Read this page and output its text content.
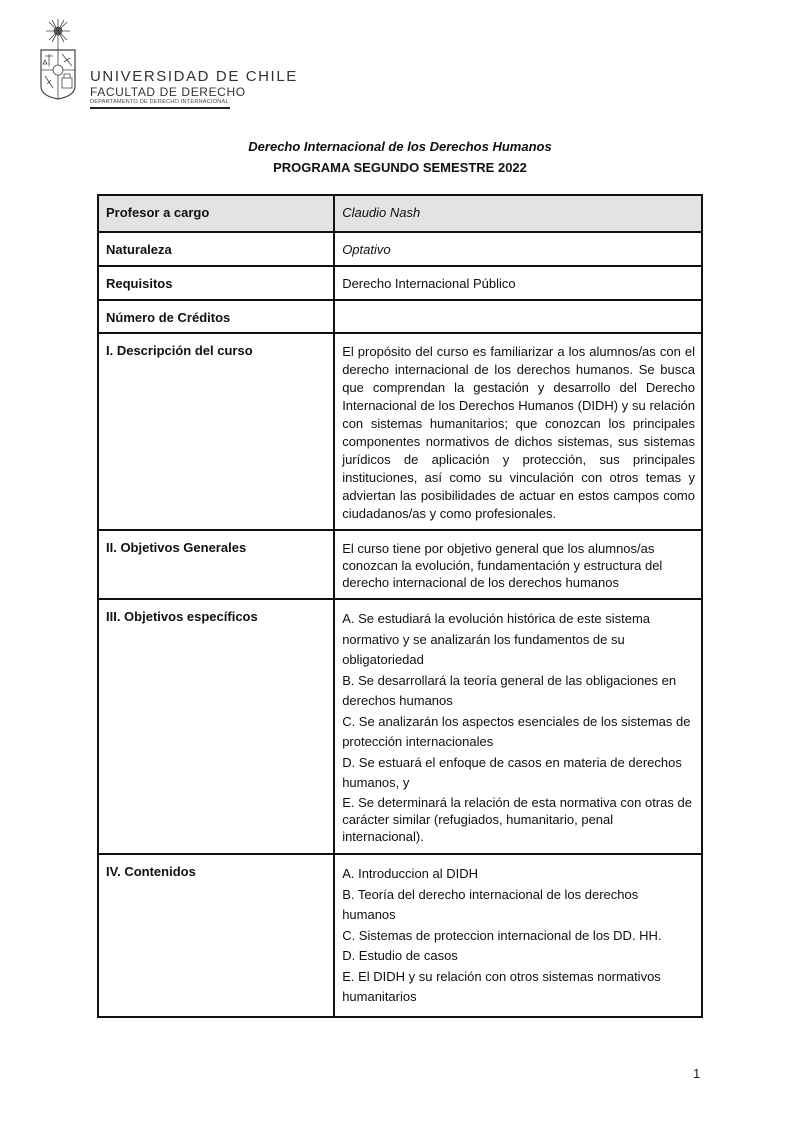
UNIVERSIDAD DE CHILE
FACULTAD DE DERECHO
DEPARTAMENTO DE DERECHO INTERNACIONAL
Derecho Internacional de los Derechos Humanos
PROGRAMA SEGUNDO SEMESTRE 2022
Profesor a cargo	Claudio Nash
Naturaleza	Optativo
Requisitos	Derecho Internacional Público
Número de Créditos	
I. Descripción del curso	El propósito del curso es familiarizar a los alumnos/as con el derecho internacional de los derechos humanos. Se busca que comprendan la gestación y desarrollo del Derecho Internacional de los Derechos Humanos (DIDH) y su relación con sistemas humanitarios; que conozcan los principales componentes normativos de dichos sistemas, sus sistemas jurídicos de aplicación y protección, sus principales instituciones, así como su vinculación con otros temas y adviertan las posibilidades de actuar en estos campos como ciudadanos/as y como profesionales.
II. Objetivos Generales	El curso tiene por objetivo general que los alumnos/as conozcan la evolución, fundamentación y estructura del derecho internacional de los derechos humanos
III. Objetivos específicos	A. Se estudiará la evolución histórica de este sistema normativo y se analizarán los fundamentos de su obligatoriedad
B. Se desarrollará la teoría general de las obligaciones en derechos humanos
C. Se analizarán los aspectos esenciales de los sistemas de protección internacionales
D. Se estuará el enfoque de casos en materia de derechos humanos, y
E. Se determinará la relación de esta normativa con otras de carácter similar (refugiados, humanitario, penal internacional).

IV. Contenidos	A. Introduccion al DIDH
B. Teoría del derecho internacional de los derechos humanos
C. Sistemas de proteccion internacional de los DD. HH.
D. Estudio de casos
E. El DIDH y su relación con otros sistemas normativos humanitarios
1
